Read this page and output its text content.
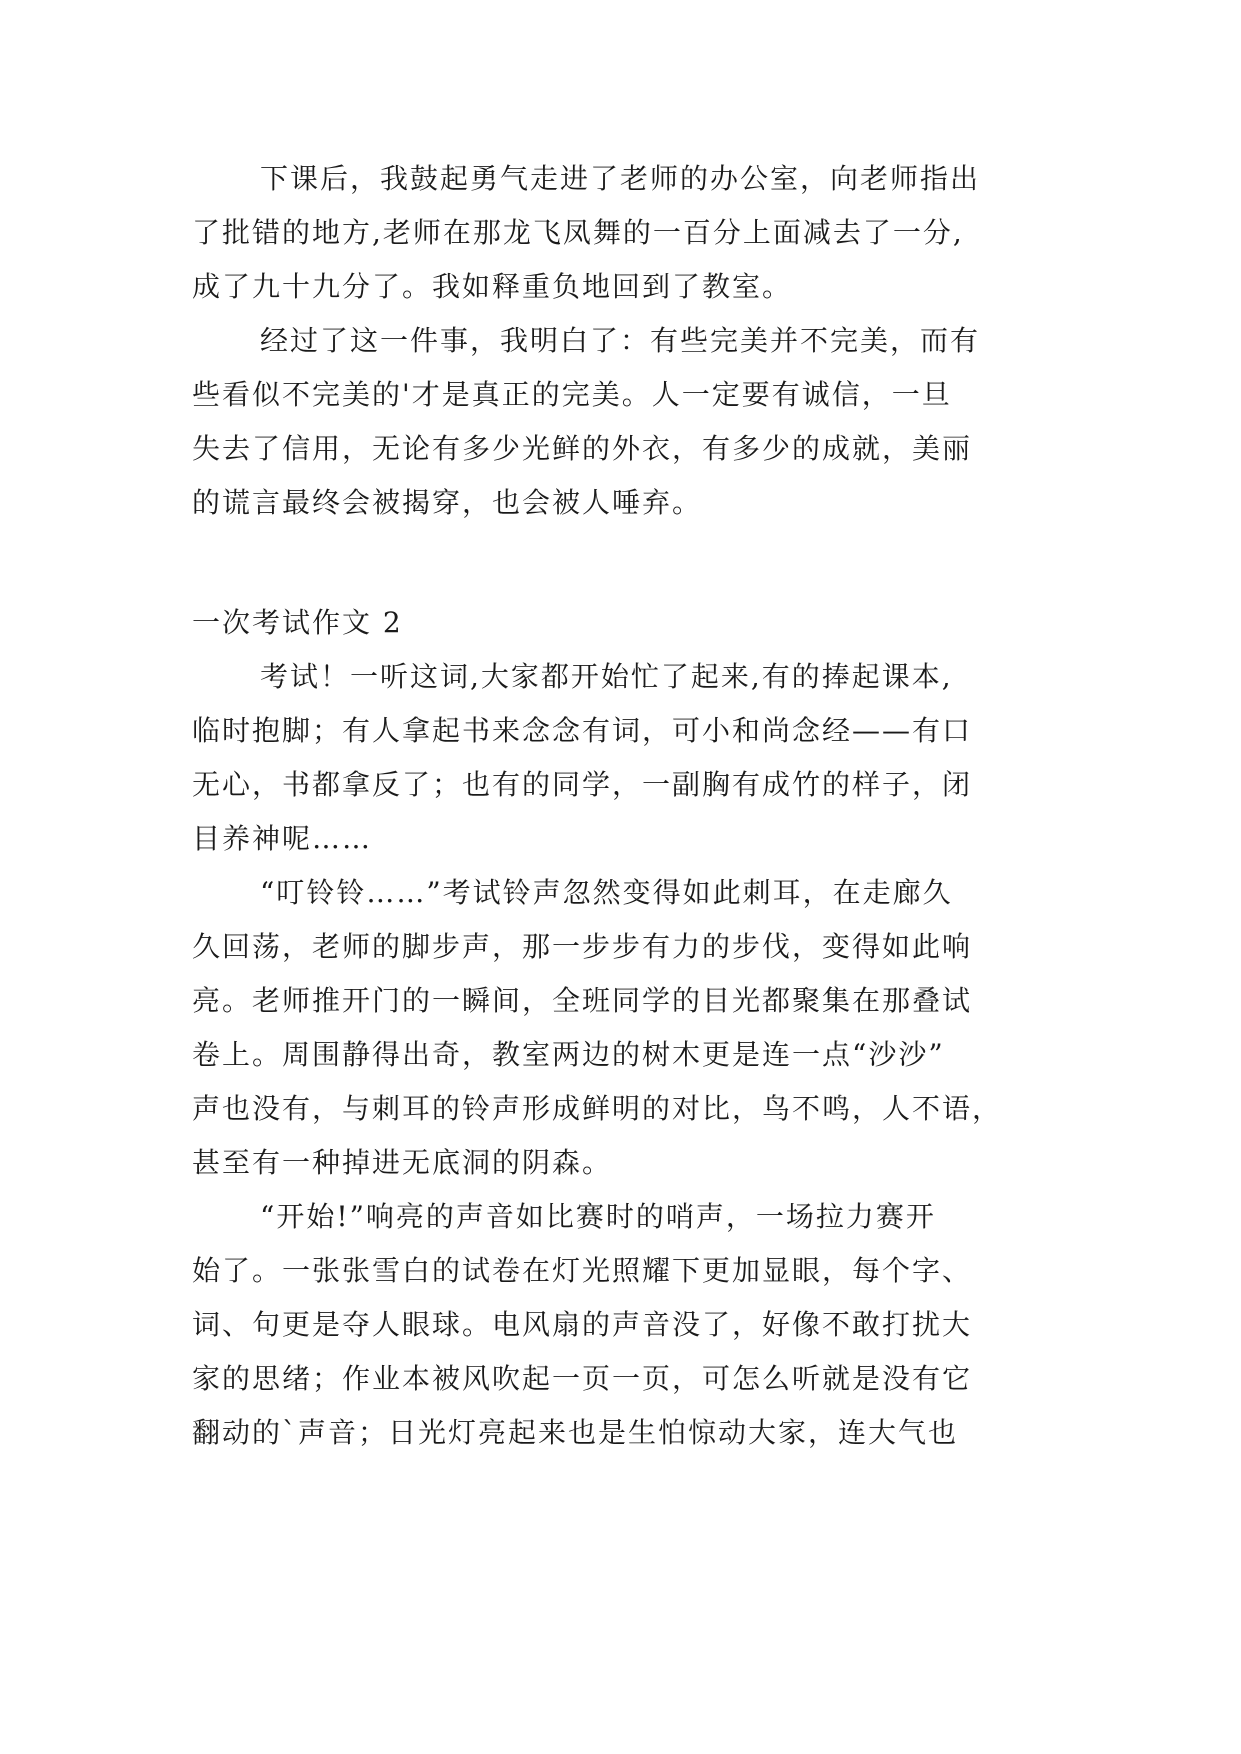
下课后，我鼓起勇气走进了老师的办公室，向老师指出
了批错的地方,老师在那龙飞凤舞的一百分上面减去了一分,
成了九十九分了。我如释重负地回到了教室。
经过了这一件事，我明白了：有些完美并不完美，而有
些看似不完美的'才是真正的完美。人一定要有诚信，一旦
失去了信用，无论有多少光鲜的外衣，有多少的成就，美丽
的谎言最终会被揭穿，也会被人唾弃。
一次考试作文 2
考试！一听这词,大家都开始忙了起来,有的捧起课本,
临时抱脚；有人拿起书来念念有词，可小和尚念经——有口
无心，书都拿反了；也有的同学，一副胸有成竹的样子，闭
目养神呢……
“叮铃铃……”考试铃声忽然变得如此刺耳，在走廊久
久回荡，老师的脚步声，那一步步有力的步伐，变得如此响
亮。老师推开门的一瞬间，全班同学的目光都聚集在那叠试
卷上。周围静得出奇，教室两边的树木更是连一点“沙沙”
声也没有，与刺耳的铃声形成鲜明的对比，鸟不鸣，人不语，
甚至有一种掉进无底洞的阴森。
“开始!”响亮的声音如比赛时的哨声，一场拉力赛开
始了。一张张雪白的试卷在灯光照耀下更加显眼，每个字、
词、句更是夺人眼球。电风扇的声音没了，好像不敢打扰大
家的思绪；作业本被风吹起一页一页，可怎么听就是没有它
翻动的`声音；日光灯亮起来也是生怕惊动大家，连大气也
